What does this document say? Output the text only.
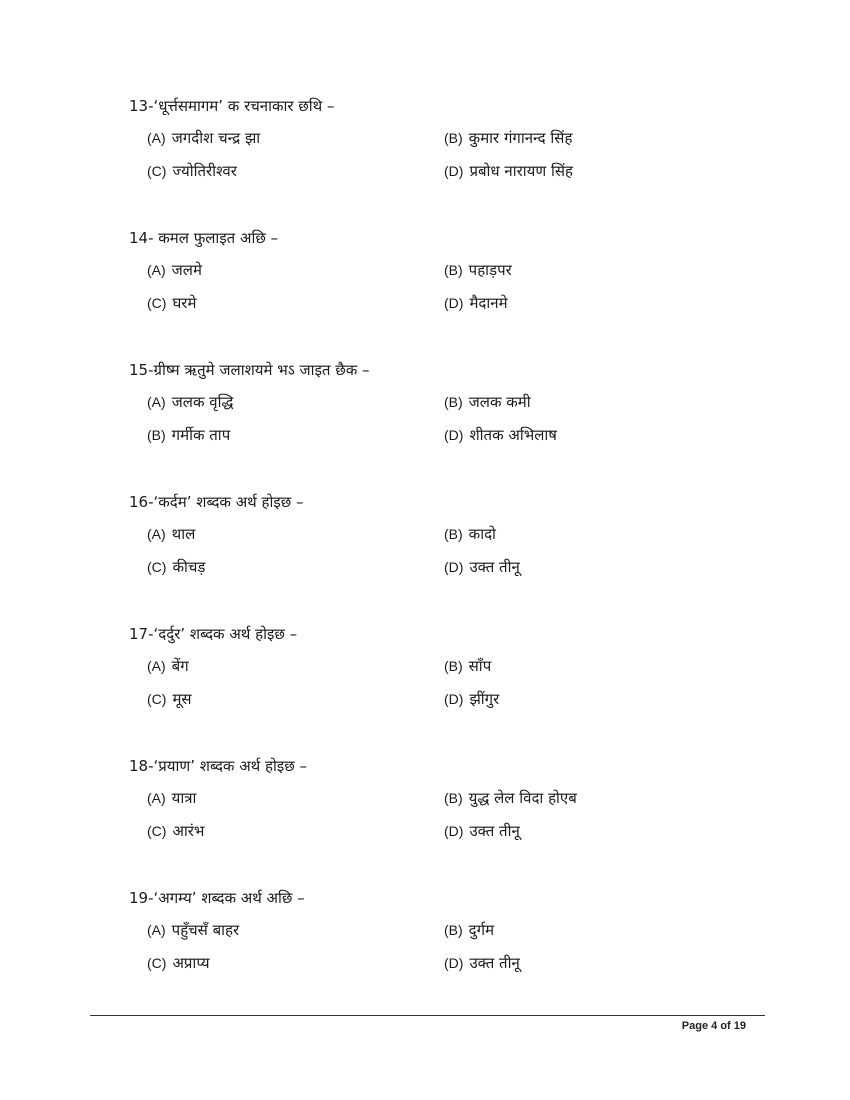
13-‘धूर्त्तसमागम’ क रचनाकार छथि –
(A) जगदीश चन्द्र झा	(B) कुमार गंगानन्द सिंह
(C) ज्योतिरीश्वर	(D) प्रबोध नारायण सिंह
14- कमल फुलाइत अछि –
(A) जलमे	(B) पहाड़पर
(C) घरमे	(D) मैदानमे
15-ग्रीष्म ऋतुमे जलाशयमे भऽ जाइत छैक –
(A) जलक वृद्धि	(B) जलक कमी
(B) गर्मीक ताप	(D) शीतक अभिलाष
16-‘कर्दम’ शब्दक अर्थ होइछ –
(A) थाल	(B) कादो
(C) कीचड़	(D) उक्त तीनू
17-‘दर्दुर’ शब्दक अर्थ होइछ –
(A) बेंग	(B) साँप
(C) मूस	(D) झींगुर
18-‘प्रयाण’ शब्दक अर्थ होइछ –
(A) यात्रा	(B) युद्ध लेल विदा होएब
(C) आरंभ	(D) उक्त तीनू
19-‘अगम्य’ शब्दक अर्थ अछि –
(A) पहुँचसँ बाहर	(B) दुर्गम
(C) अप्राप्य	(D) उक्त तीनू
Page 4 of 19
